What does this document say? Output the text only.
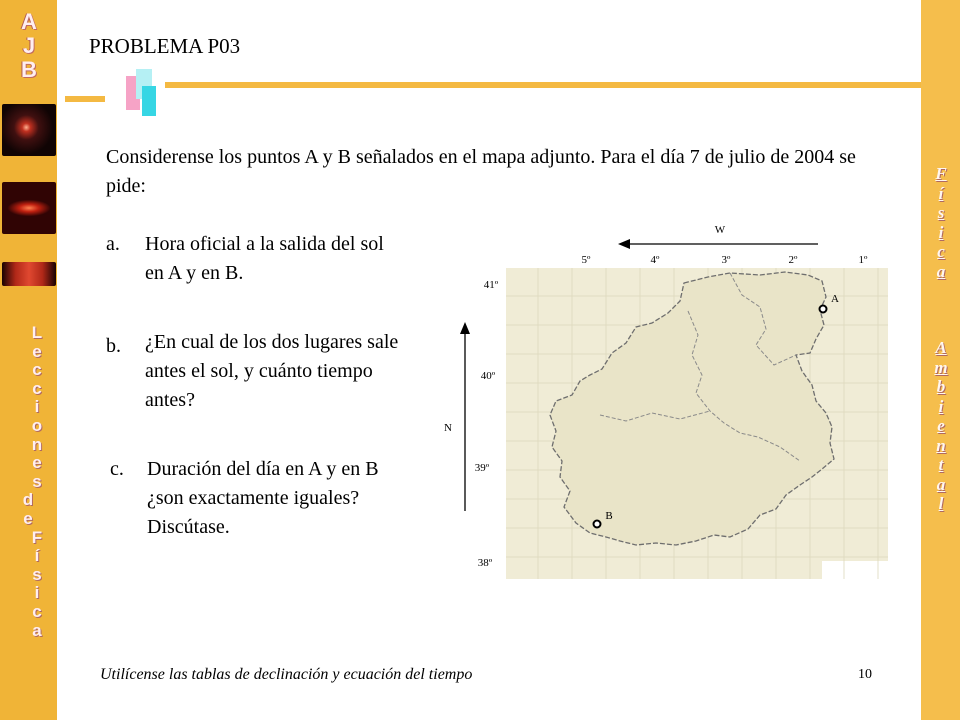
A
J
B
L
e
c
c
i
o
n
e
s
d
e
F
í
s
i
c
a
F
í
s
i
c
a
A
m
b
i
e
n
t
a
l
PROBLEMA P03
Considerense los puntos A y B señalados en el mapa adjunto. Para el día 7 de julio de 2004 se pide:
a. Hora oficial a la salida del sol en A y en B.
b. ¿En cual de los dos lugares sale antes el sol, y cuánto tiempo antes?
c. Duración del día en A y en B ¿son exactamente iguales? Discútase.
W
N
5º	4º	3º	2º	1º
41º
40º
39º
38º
A
B
Utilícense las tablas de declinación y ecuación del tiempo	10
